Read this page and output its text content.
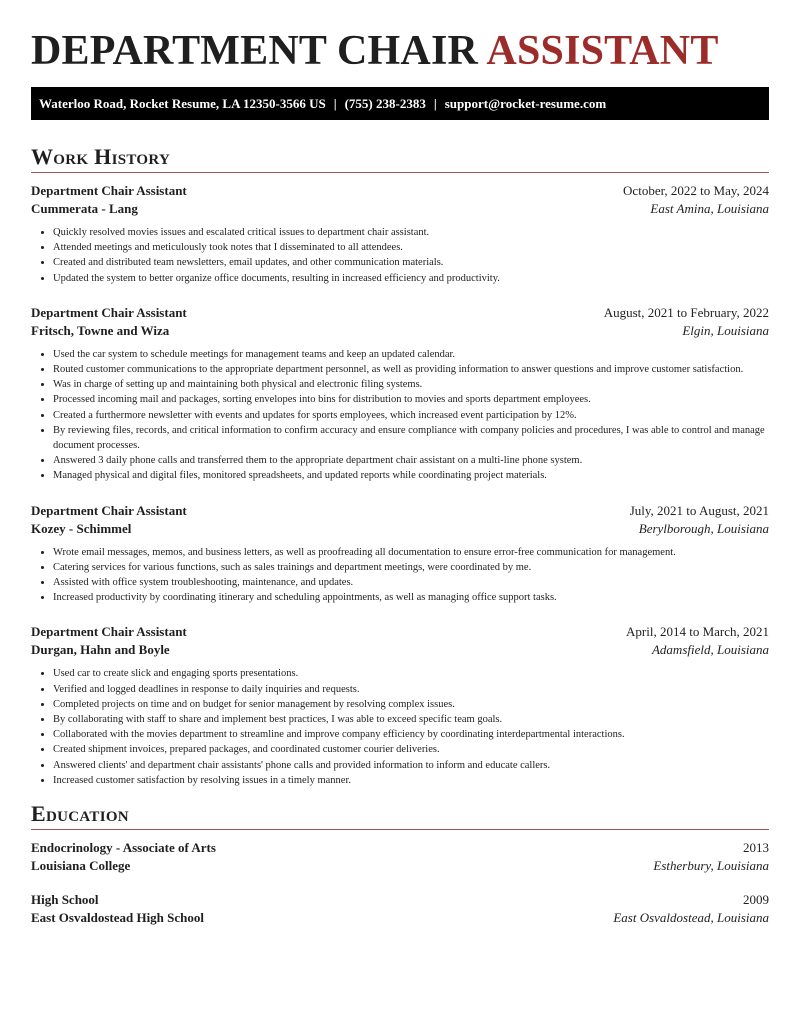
DEPARTMENT CHAIR ASSISTANT
Waterloo Road, Rocket Resume, LA 12350-3566 US | (755) 238-2383 | support@rocket-resume.com
Work History
Department Chair Assistant	October, 2022 to May, 2024
Cummerata - Lang	East Amina, Louisiana
• Quickly resolved movies issues and escalated critical issues to department chair assistant.
• Attended meetings and meticulously took notes that I disseminated to all attendees.
• Created and distributed team newsletters, email updates, and other communication materials.
• Updated the system to better organize office documents, resulting in increased efficiency and productivity.
Department Chair Assistant	August, 2021 to February, 2022
Fritsch, Towne and Wiza	Elgin, Louisiana
• Used the car system to schedule meetings for management teams and keep an updated calendar.
• Routed customer communications to the appropriate department personnel, as well as providing information to answer questions and improve customer satisfaction.
• Was in charge of setting up and maintaining both physical and electronic filing systems.
• Processed incoming mail and packages, sorting envelopes into bins for distribution to movies and sports department employees.
• Created a furthermore newsletter with events and updates for sports employees, which increased event participation by 12%.
• By reviewing files, records, and critical information to confirm accuracy and ensure compliance with company policies and procedures, I was able to control and manage document processes.
• Answered 3 daily phone calls and transferred them to the appropriate department chair assistant on a multi-line phone system.
• Managed physical and digital files, monitored spreadsheets, and updated reports while coordinating project materials.
Department Chair Assistant	July, 2021 to August, 2021
Kozey - Schimmel	Berylborough, Louisiana
• Wrote email messages, memos, and business letters, as well as proofreading all documentation to ensure error-free communication for management.
• Catering services for various functions, such as sales trainings and department meetings, were coordinated by me.
• Assisted with office system troubleshooting, maintenance, and updates.
• Increased productivity by coordinating itinerary and scheduling appointments, as well as managing office support tasks.
Department Chair Assistant	April, 2014 to March, 2021
Durgan, Hahn and Boyle	Adamsfield, Louisiana
• Used car to create slick and engaging sports presentations.
• Verified and logged deadlines in response to daily inquiries and requests.
• Completed projects on time and on budget for senior management by resolving complex issues.
• By collaborating with staff to share and implement best practices, I was able to exceed specific team goals.
• Collaborated with the movies department to streamline and improve company efficiency by coordinating interdepartmental interactions.
• Created shipment invoices, prepared packages, and coordinated customer courier deliveries.
• Answered clients' and department chair assistants' phone calls and provided information to inform and educate callers.
• Increased customer satisfaction by resolving issues in a timely manner.
Education
Endocrinology - Associate of Arts	2013
Louisiana College	Estherbury, Louisiana
High School	2009
East Osvaldostead High School	East Osvaldostead, Louisiana
